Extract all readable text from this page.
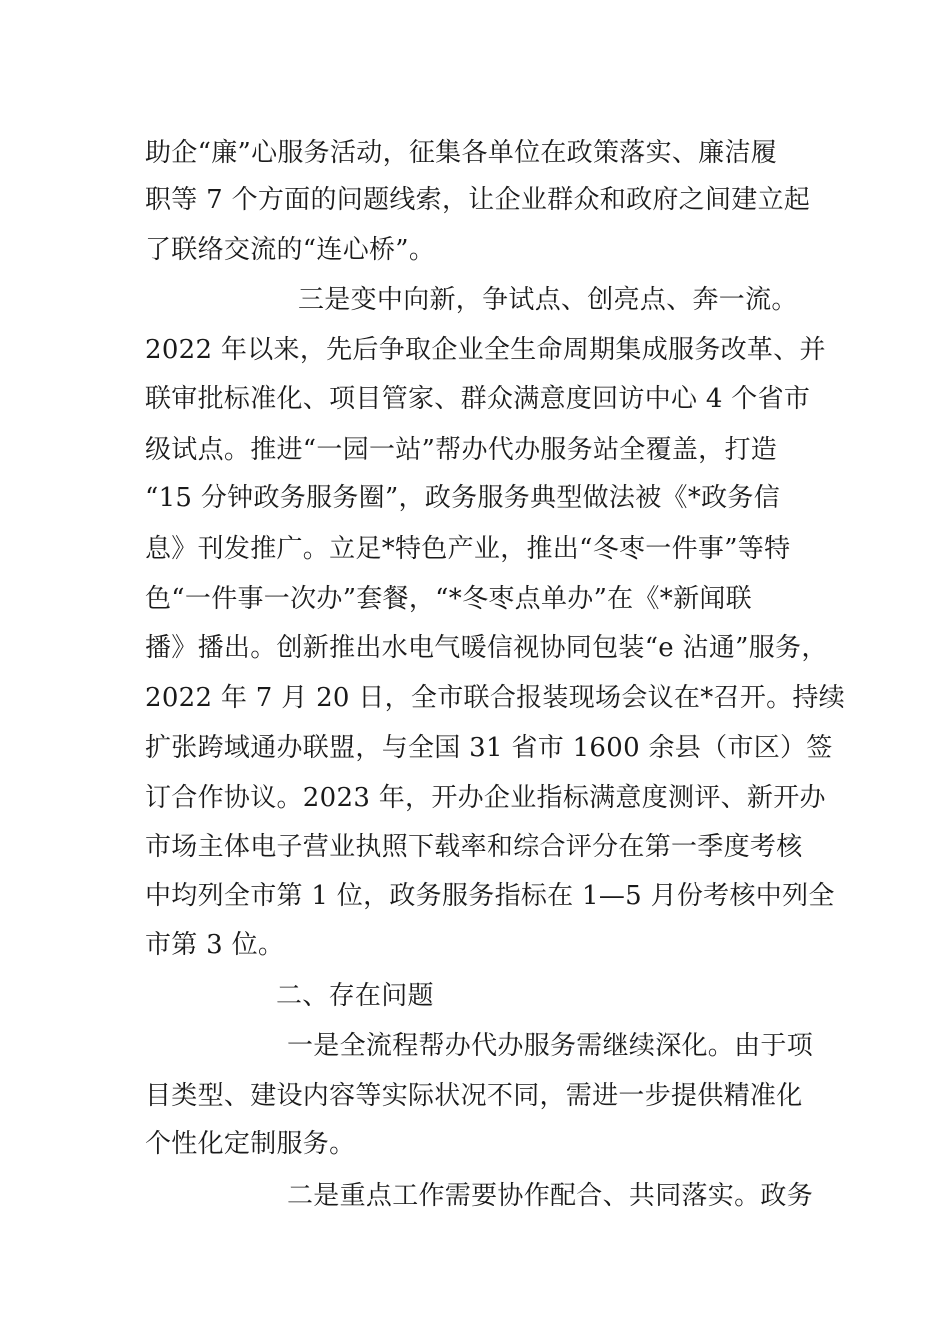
助企“廉”心服务活动，征集各单位在政策落实、廉洁履
职等 7 个方面的问题线索，让企业群众和政府之间建立起
了联络交流的“连心桥”。
三是变中向新，争试点、创亮点、奔一流。
2022 年以来，先后争取企业全生命周期集成服务改革、并
联审批标准化、项目管家、群众满意度回访中心 4 个省市
级试点。推进“一园一站”帮办代办服务站全覆盖，打造
“15 分钟政务服务圈”，政务服务典型做法被《*政务信
息》刊发推广。立足*特色产业，推出“冬枣一件事”等特
色“一件事一次办”套餐，“*冬枣点单办”在《*新闻联
播》播出。创新推出水电气暖信视协同包装“e 沾通”服务，
2022 年 7 月 20 日，全市联合报装现场会议在*召开。持续
扩张跨域通办联盟，与全国 31 省市 1600 余县（市区）签
订合作协议。2023 年，开办企业指标满意度测评、新开办
市场主体电子营业执照下载率和综合评分在第一季度考核
中均列全市第 1 位，政务服务指标在 1—5 月份考核中列全
市第 3 位。
二、存在问题
一是全流程帮办代办服务需继续深化。由于项
目类型、建设内容等实际状况不同，需进一步提供精准化
个性化定制服务。
二是重点工作需要协作配合、共同落实。政务
